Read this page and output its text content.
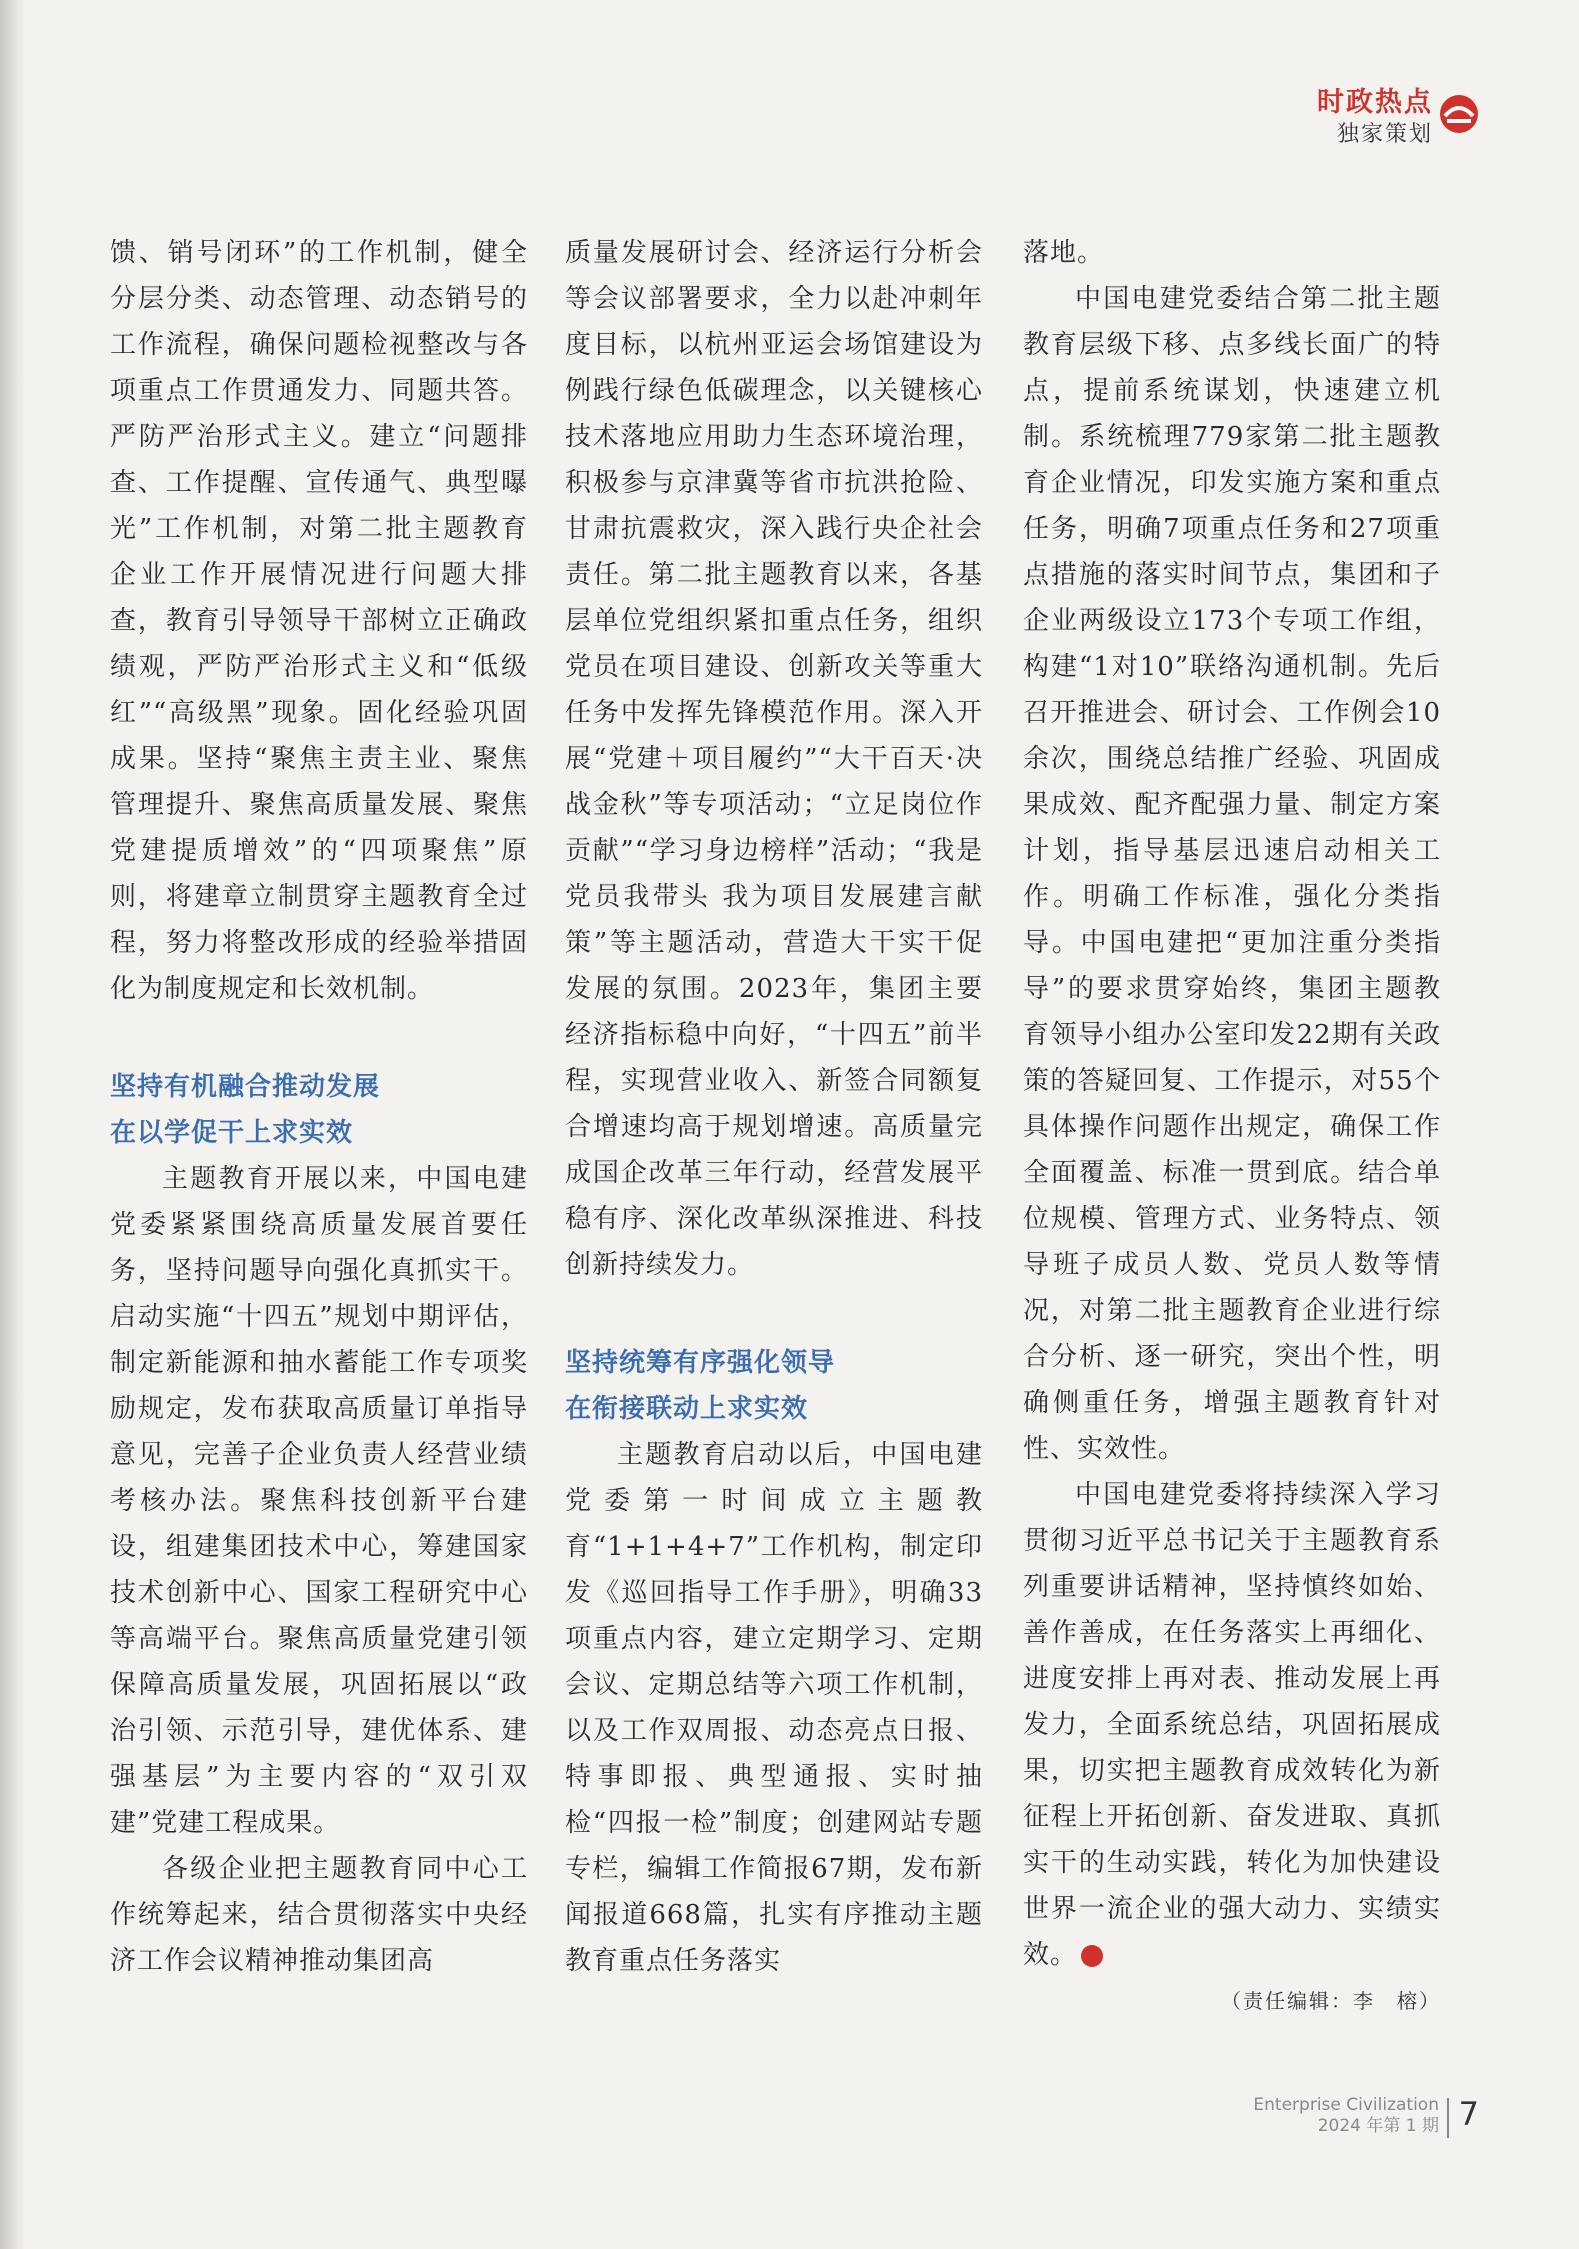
时政热点
独家策划

馈、销号闭环”的工作机制，健全分层分类、动态管理、动态销号的工作流程，确保问题检视整改与各项重点工作贯通发力、同题共答。严防严治形式主义。建立“问题排查、工作提醒、宣传通气、典型曝光”工作机制，对第二批主题教育企业工作开展情况进行问题大排查，教育引导领导干部树立正确政绩观，严防严治形式主义和“低级红”“高级黑”现象。固化经验巩固成果。坚持“聚焦主责主业、聚焦管理提升、聚焦高质量发展、聚焦党建提质增效”的“四项聚焦”原则，将建章立制贯穿主题教育全过程，努力将整改形成的经验举措固化为制度规定和长效机制。

坚持有机融合推动发展
在以学促干上求实效

主题教育开展以来，中国电建党委紧紧围绕高质量发展首要任务，坚持问题导向强化真抓实干。启动实施“十四五”规划中期评估，制定新能源和抽水蓄能工作专项奖励规定，发布获取高质量订单指导意见，完善子企业负责人经营业绩考核办法。聚焦科技创新平台建设，组建集团技术中心，筹建国家技术创新中心、国家工程研究中心等高端平台。聚焦高质量党建引领保障高质量发展，巩固拓展以“政治引领、示范引导，建优体系、建强基层”为主要内容的“双引双建”党建工程成果。

各级企业把主题教育同中心工作统筹起来，结合贯彻落实中央经济工作会议精神推动集团高

质量发展研讨会、经济运行分析会等会议部署要求，全力以赴冲刺年度目标，以杭州亚运会场馆建设为例践行绿色低碳理念，以关键核心技术落地应用助力生态环境治理，积极参与京津冀等省市抗洪抢险、甘肃抗震救灾，深入践行央企社会责任。第二批主题教育以来，各基层单位党组织紧扣重点任务，组织党员在项目建设、创新攻关等重大任务中发挥先锋模范作用。深入开展“党建＋项目履约”“大干百天·决战金秋”等专项活动；“立足岗位作贡献”“学习身边榜样”活动；“我是党员我带头 我为项目发展建言献策”等主题活动，营造大干实干促发展的氛围。2023年，集团主要经济指标稳中向好，“十四五”前半程，实现营业收入、新签合同额复合增速均高于规划增速。高质量完成国企改革三年行动，经营发展平稳有序、深化改革纵深推进、科技创新持续发力。

坚持统筹有序强化领导
在衔接联动上求实效

主题教育启动以后，中国电建党委第一时间成立主题教育“1+1+4+7”工作机构，制定印发《巡回指导工作手册》，明确33项重点内容，建立定期学习、定期会议、定期总结等六项工作机制，以及工作双周报、动态亮点日报、特事即报、典型通报、实时抽检“四报一检”制度；创建网站专题专栏，编辑工作简报67期，发布新闻报道668篇，扎实有序推动主题教育重点任务落实

落地。

中国电建党委结合第二批主题教育层级下移、点多线长面广的特点，提前系统谋划，快速建立机制。系统梳理779家第二批主题教育企业情况，印发实施方案和重点任务，明确7项重点任务和27项重点措施的落实时间节点，集团和子企业两级设立173个专项工作组，构建“1对10”联络沟通机制。先后召开推进会、研讨会、工作例会10余次，围绕总结推广经验、巩固成果成效、配齐配强力量、制定方案计划，指导基层迅速启动相关工作。明确工作标准，强化分类指导。中国电建把“更加注重分类指导”的要求贯穿始终，集团主题教育领导小组办公室印发22期有关政策的答疑回复、工作提示，对55个具体操作问题作出规定，确保工作全面覆盖、标准一贯到底。结合单位规模、管理方式、业务特点、领导班子成员人数、党员人数等情况，对第二批主题教育企业进行综合分析、逐一研究，突出个性，明确侧重任务，增强主题教育针对性、实效性。

中国电建党委将持续深入学习贯彻习近平总书记关于主题教育系列重要讲话精神，坚持慎终如始、善作善成，在任务落实上再细化、进度安排上再对表、推动发展上再发力，全面系统总结，巩固拓展成果，切实把主题教育成效转化为新征程上开拓创新、奋发进取、真抓实干的生动实践，转化为加快建设世界一流企业的强大动力、实绩实效。

（责任编辑：李　榕）
Enterprise Civilization
2024 年第 1 期 7
